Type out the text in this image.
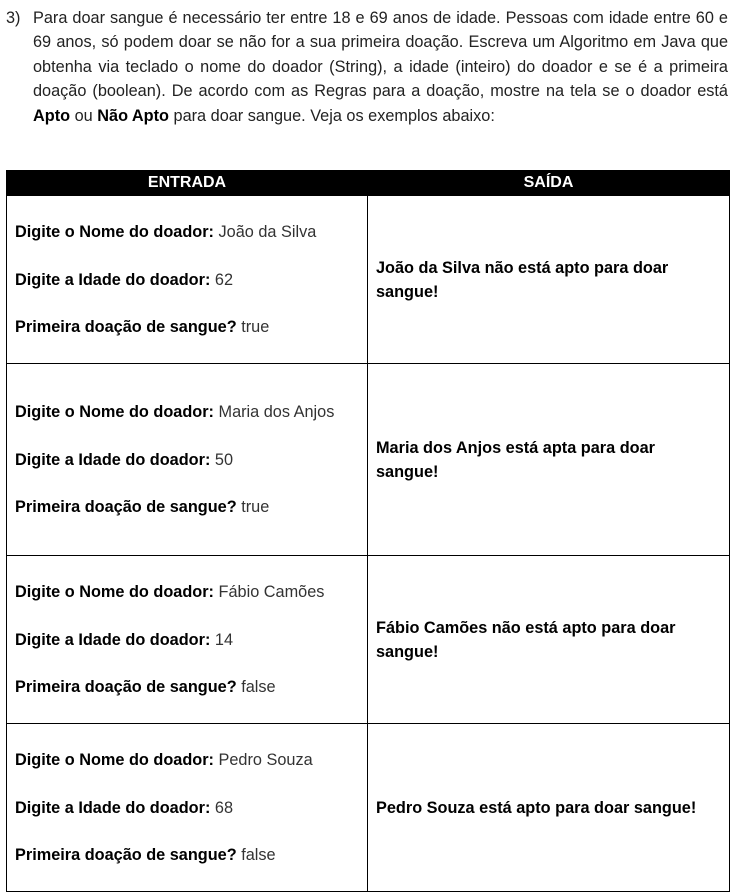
3) Para doar sangue é necessário ter entre 18 e 69 anos de idade. Pessoas com idade entre 60 e 69 anos, só podem doar se não for a sua primeira doação. Escreva um Algoritmo em Java que obtenha via teclado o nome do doador (String), a idade (inteiro) do doador e se é a primeira doação (boolean). De acordo com as Regras para a doação, mostre na tela se o doador está Apto ou Não Apto para doar sangue. Veja os exemplos abaixo:
ENTRADA	SAÍDA

Digite o Nome do doador: João da Silva

Digite a Idade do doador: 62

Primeira doação de sangue? true	João da Silva não está apto para doar sangue!

Digite o Nome do doador: Maria dos Anjos

Digite a Idade do doador: 50

Primeira doação de sangue? true	Maria dos Anjos está apta para doar sangue!

Digite o Nome do doador: Fábio Camões

Digite a Idade do doador: 14

Primeira doação de sangue? false	Fábio Camões não está apto para doar sangue!

Digite o Nome do doador: Pedro Souza

Digite a Idade do doador: 68

Primeira doação de sangue? false	Pedro Souza está apto para doar sangue!
